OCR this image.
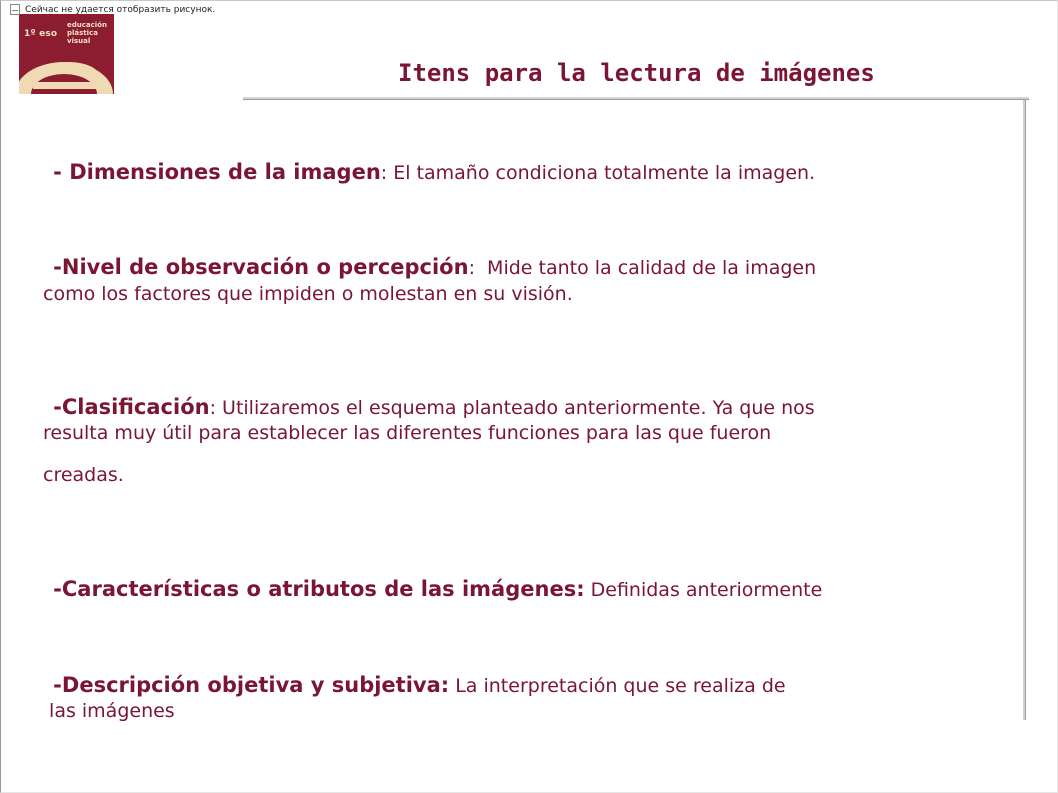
1º eso
educación
plástica
visual
Сейчас не удается отобразить рисунок.
Itens para la lectura de imágenes

- Dimensiones de la imagen: El tamaño condiciona totalmente la imagen.

-Nivel de observación o percepción:  Mide tanto la calidad de la imagen

como los factores que impiden o molestan en su visión.

-Clasificación: Utilizaremos el esquema planteado anteriormente. Ya que nos

resulta muy útil para establecer las diferentes funciones para las que fueron
creadas.

-Características o atributos de las imágenes: Definidas anteriormente

-Descripción objetiva y subjetiva: La interpretación que se realiza de

las imágenes
